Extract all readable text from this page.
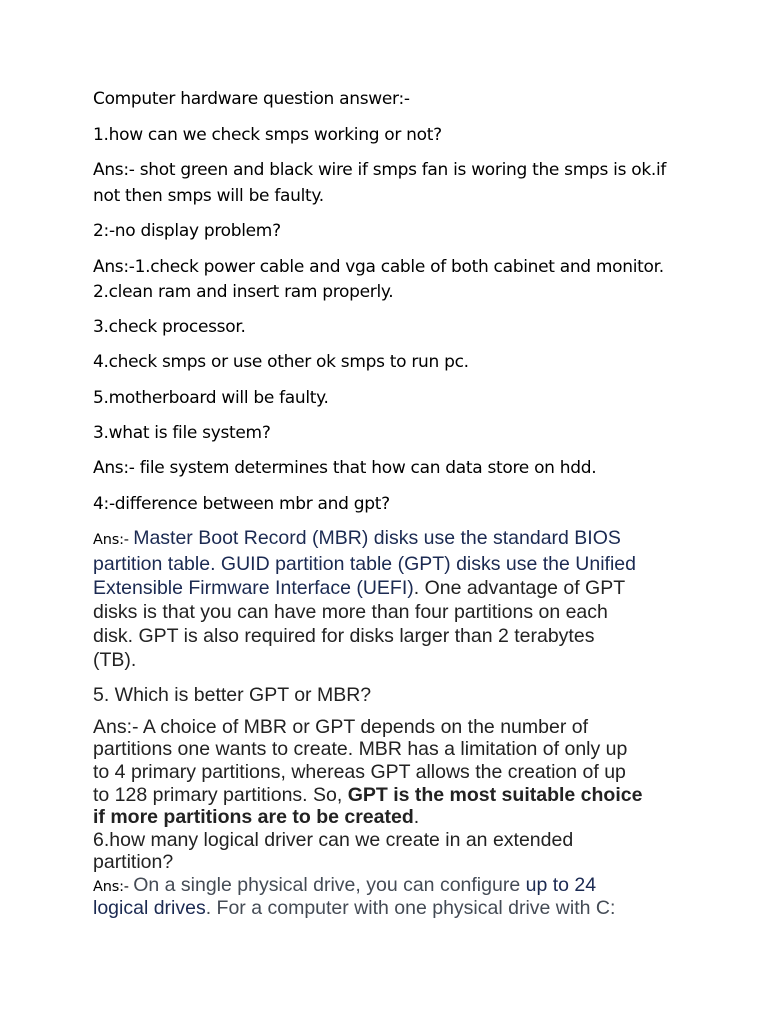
Computer hardware question answer:-

1.how can we check smps working or not?

Ans:- shot green and black wire if smps fan is woring the smps is ok.if

not then smps will be faulty.

2:-no display problem?

Ans:-1.check power cable and vga cable of both cabinet and monitor.

2.clean ram and insert ram properly.

3.check processor.

4.check smps or use other ok smps to run pc.

5.motherboard will be faulty.

3.what is file system?

Ans:- file system determines that how can data store on hdd.

4:-difference between mbr and gpt?

Ans:- Master Boot Record (MBR) disks use the standard BIOS

partition table. GUID partition table (GPT) disks use the Unified

Extensible Firmware Interface (UEFI). One advantage of GPT

disks is that you can have more than four partitions on each

disk. GPT is also required for disks larger than 2 terabytes

(TB).

5. Which is better GPT or MBR?

Ans:- A choice of MBR or GPT depends on the number of

partitions one wants to create. MBR has a limitation of only up

to 4 primary partitions, whereas GPT allows the creation of up

to 128 primary partitions. So, GPT is the most suitable choice

if more partitions are to be created.

6.how many logical driver can we create in an extended

partition?

Ans:- On a single physical drive, you can configure up to 24

logical drives. For a computer with one physical drive with C:
